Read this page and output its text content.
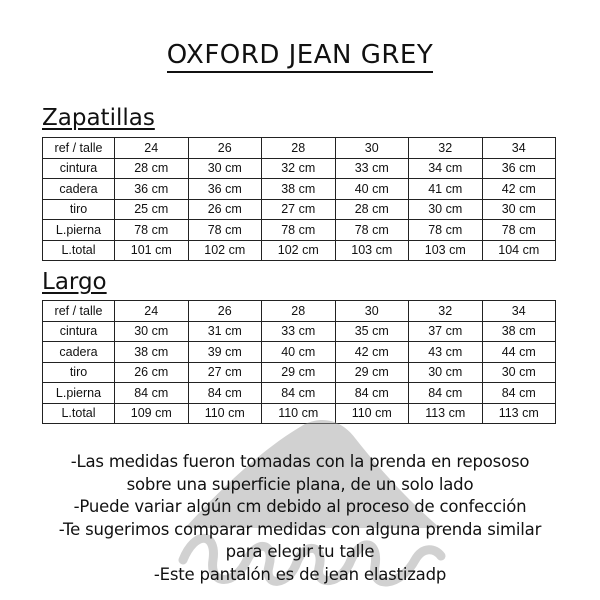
OXFORD JEAN GREY
Zapatillas
ref / talle	24	26	28	30	32	34
cintura	28 cm	30 cm	32 cm	33 cm	34 cm	36 cm
cadera	36 cm	36 cm	38 cm	40 cm	41 cm	42 cm
tiro	25 cm	26 cm	27 cm	28 cm	30 cm	30 cm
L.pierna	78 cm	78 cm	78 cm	78 cm	78 cm	78 cm
L.total	101 cm	102 cm	102 cm	103 cm	103 cm	104 cm
Largo
ref / talle	24	26	28	30	32	34
cintura	30 cm	31 cm	33 cm	35 cm	37 cm	38 cm
cadera	38 cm	39 cm	40 cm	42 cm	43 cm	44 cm
tiro	26 cm	27 cm	29 cm	29 cm	30 cm	30 cm
L.pierna	84 cm	84 cm	84 cm	84 cm	84 cm	84 cm
L.total	109 cm	110 cm	110 cm	110 cm	113 cm	113 cm
-Las medidas fueron tomadas con la prenda en repososo
sobre una superficie plana, de un solo lado
-Puede variar algún cm debido al proceso de confección
-Te sugerimos comparar medidas con alguna prenda similar
para elegir tu talle
-Este pantalón es de jean elastizadp
